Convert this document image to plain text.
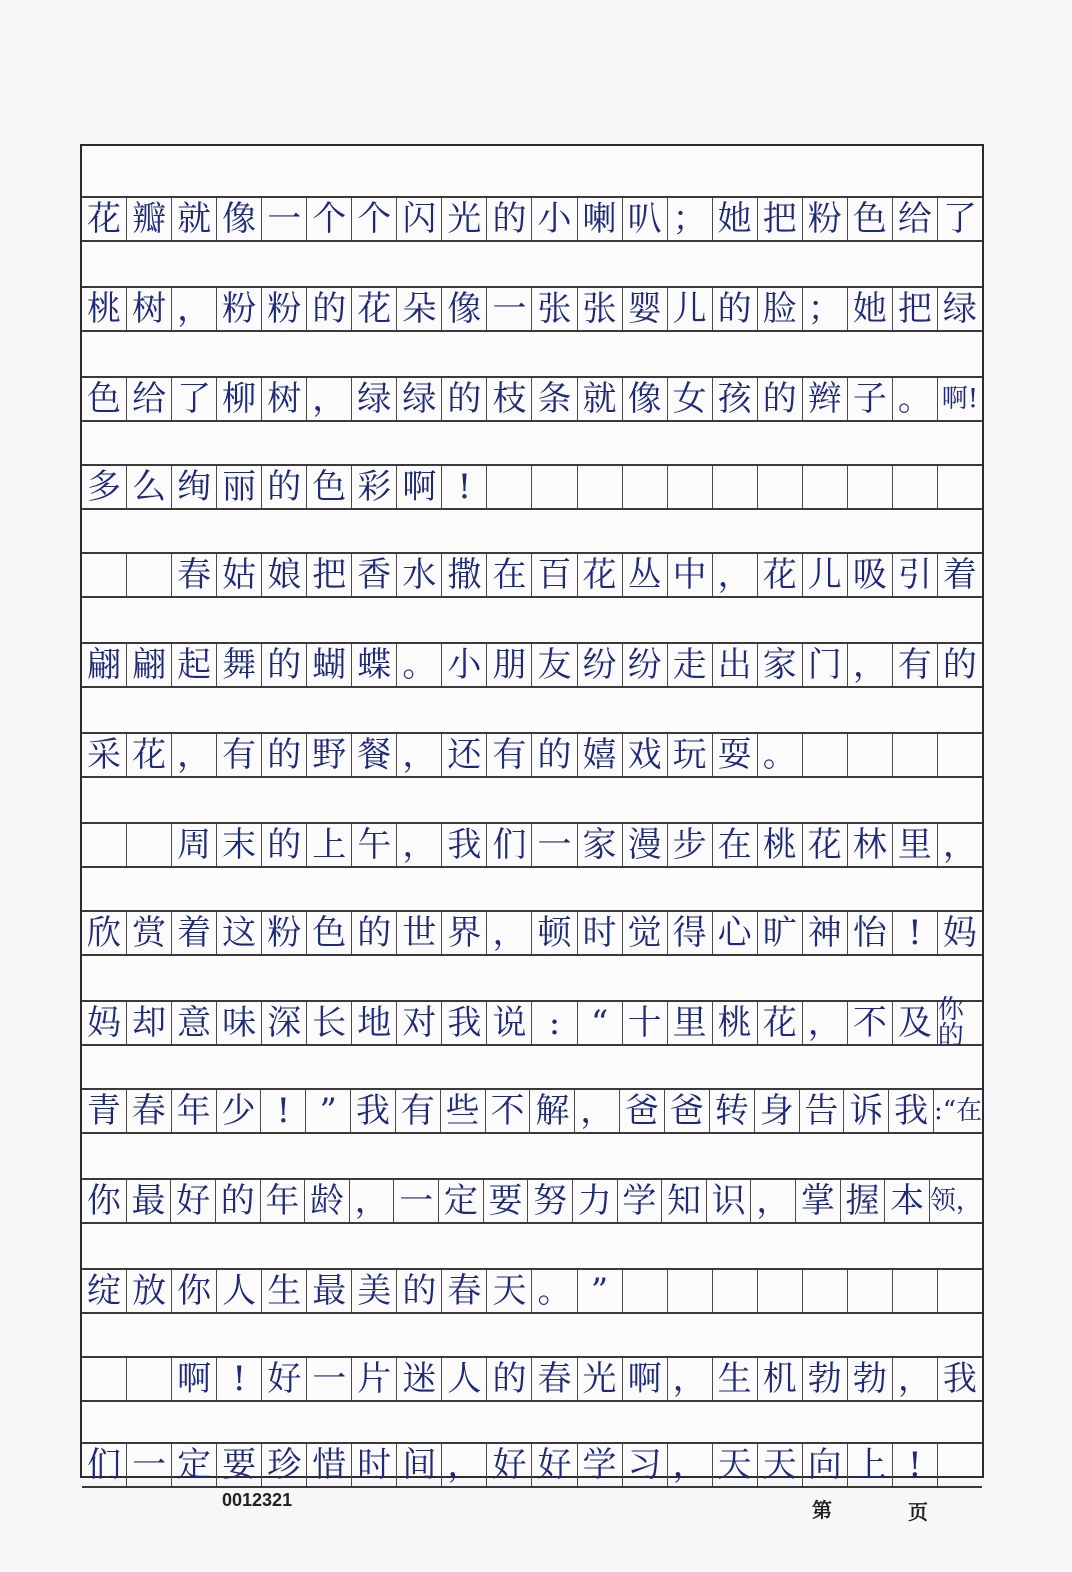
花 瓣 就 像 一 个 个 闪 光 的 小 喇 叭 ； 她 把 粉 色 给 了
桃 树 ， 粉 粉 的 花 朵 像 一 张 张 婴 儿 的 脸 ； 她 把 绿
色 给 了 柳 树 ， 绿 绿 的 枝 条 就 像 女 孩 的 辫 子 。 啊!
多 么 绚 丽 的 色 彩 啊 !
春 姑 娘 把 香 水 撒 在 百 花 丛 中 ， 花 儿 吸 引 着
翩 翩 起 舞 的 蝴 蝶 。 小 朋 友 纷 纷 走 出 家 门 ， 有 的
采 花 ， 有 的 野 餐 ， 还 有 的 嬉 戏 玩 耍 。
周 末 的 上 午 ， 我 们 一 家 漫 步 在 桃 花 林 里 ，
欣 赏 着 这 粉 色 的 世 界 ， 顿 时 觉 得 心 旷 神 怡 ! 妈
妈 却 意 味 深 长 地 对 我 说 : “ 十 里 桃 花 ， 不 及 你的
青 春 年 少 ! ” 我 有 些 不 解 ， 爸 爸 转 身 告 诉 我 :“在
你 最 好 的 年 龄 ， 一 定 要 努 力 学 知 识 ， 掌 握 本 领，
绽 放 你 人 生 最 美 的 春 天 。 ”
啊 ! 好 一 片 迷 人 的 春 光 啊 ， 生 机 勃 勃 ， 我
们 一 定 要 珍 惜 时 间 ， 好 好 学 习 ， 天 天 向 上 !
0012321	第	页
